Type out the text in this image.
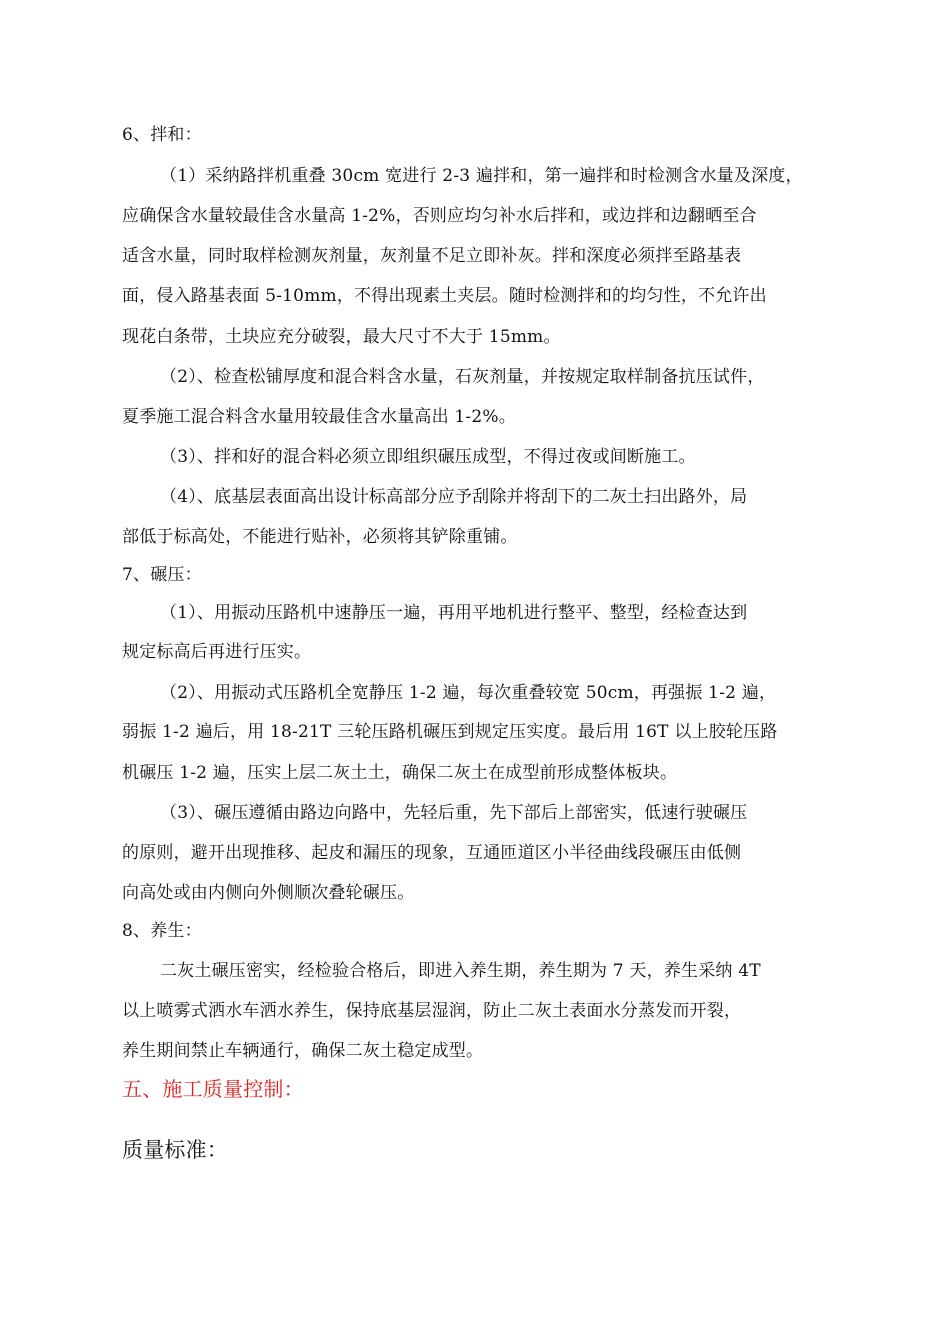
6、拌和：
（1）采纳路拌机重叠 30cm 宽进行 2-3 遍拌和，第一遍拌和时检测含水量及深度，
应确保含水量较最佳含水量高 1-2%，否则应均匀补水后拌和，或边拌和边翻晒至合
适含水量，同时取样检测灰剂量，灰剂量不足立即补灰。拌和深度必须拌至路基表
面，侵入路基表面 5-10mm，不得出现素土夹层。随时检测拌和的均匀性，不允许出
现花白条带，土块应充分破裂，最大尺寸不大于 15mm。
（2）、检查松铺厚度和混合料含水量，石灰剂量，并按规定取样制备抗压试件，
夏季施工混合料含水量用较最佳含水量高出 1-2%。
（3）、拌和好的混合料必须立即组织碾压成型，不得过夜或间断施工。
（4）、底基层表面高出设计标高部分应予刮除并将刮下的二灰土扫出路外，局
部低于标高处，不能进行贴补，必须将其铲除重铺。
7、碾压：
（1）、用振动压路机中速静压一遍，再用平地机进行整平、整型，经检查达到
规定标高后再进行压实。
（2）、用振动式压路机全宽静压 1-2 遍，每次重叠较宽 50cm，再强振 1-2 遍，
弱振 1-2 遍后，用 18-21T 三轮压路机碾压到规定压实度。最后用 16T 以上胶轮压路
机碾压 1-2 遍，压实上层二灰土土，确保二灰土在成型前形成整体板块。
（3）、碾压遵循由路边向路中，先轻后重，先下部后上部密实，低速行驶碾压
的原则，避开出现推移、起皮和漏压的现象，互通匝道区小半径曲线段碾压由低侧
向高处或由内侧向外侧顺次叠轮碾压。
8、养生：
二灰土碾压密实，经检验合格后，即进入养生期，养生期为 7 天，养生采纳 4T
以上喷雾式洒水车洒水养生，保持底基层湿润，防止二灰土表面水分蒸发而开裂，
养生期间禁止车辆通行，确保二灰土稳定成型。
五、施工质量控制：
质量标准：
